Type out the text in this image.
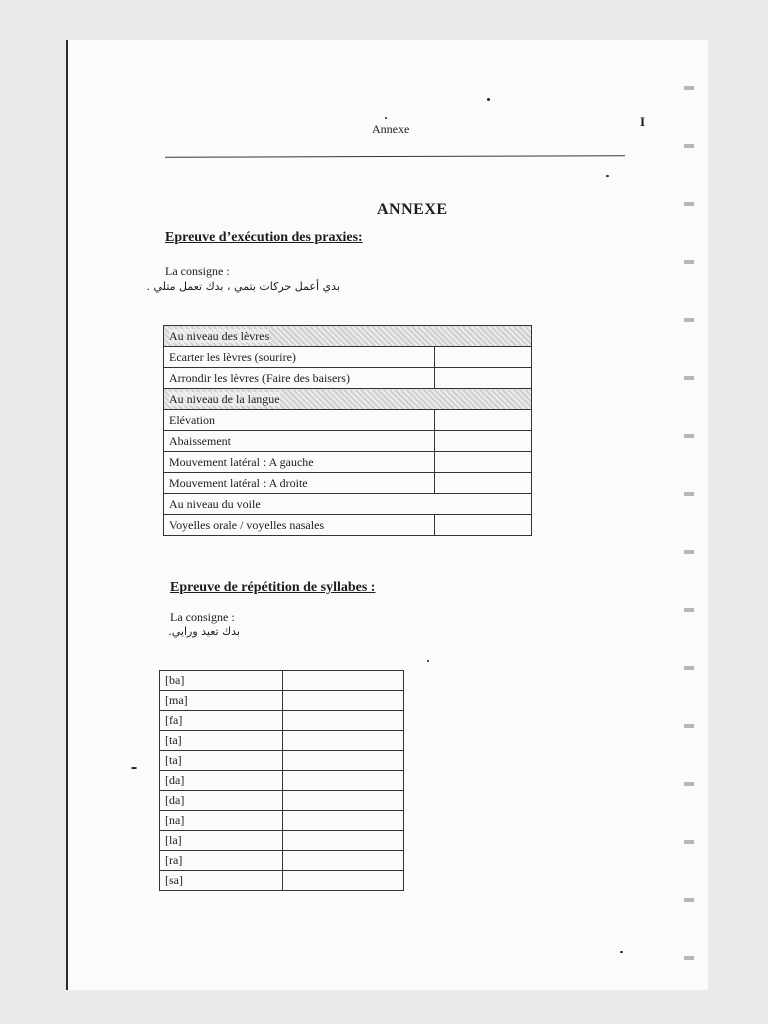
Annexe	I
ANNEXE
Epreuve d’exécution des praxies:
La consigne :
بدي أعمل حركات بتمي ، بدك تعمل متلي .
Au niveau des lèvres	
Ecarter les lèvres (sourire)	
Arrondir les lèvres (Faire des baisers)	
Au niveau de la langue	
Elévation	
Abaissement	
Mouvement latéral : A gauche	
Mouvement latéral : A droite	
Au niveau du voile	
Voyelles orale / voyelles nasales	
Epreuve de répétition de syllabes :
La consigne :
بدك تعيد ورايي.
[ba]	
[ma]	
[fa]	
[ta]	
[ta]	
[da]	
[da]	
[na]	
[la]	
[ra]	
[sa]	
